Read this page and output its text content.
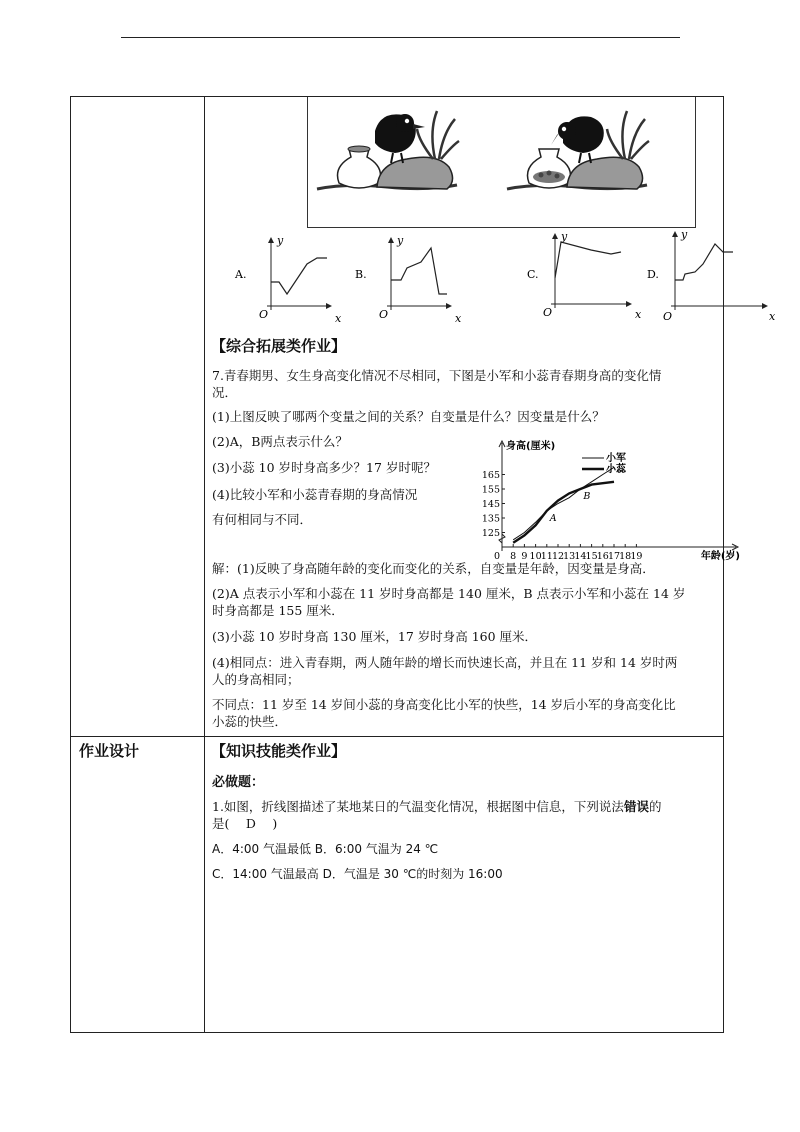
作业设计
A.
y
x
O
B.
y
x
O
C.
y
x
O
D.
y
x
O
【综合拓展类作业】
7.青春期男、女生身高变化情况不尽相同，下图是小军和小蕊青春期身高的变化情
况．
(1)上图反映了哪两个变量之间的关系？自变量是什么？因变量是什么？
(2)A，B两点表示什么？
(3)小蕊 10 岁时身高多少？17 岁时呢？
(4)比较小军和小蕊青春期的身高情况
有何相同与不同．
125
135
145
155
165
8 9 10 11 12 13 14 15 16 17 18 19
0
身高(厘米)
年龄(岁)
小军
小蕊
A
B
解：(1)反映了身高随年龄的变化而变化的关系，自变量是年龄，因变量是身高．
(2)A 点表示小军和小蕊在 11 岁时身高都是 140 厘米，B 点表示小军和小蕊在 14 岁
时身高都是 155 厘米．
(3)小蕊 10 岁时身高 130 厘米，17 岁时身高 160 厘米．
(4)相同点：进入青春期，两人随年龄的增长而快速长高，并且在 11 岁和 14 岁时两
人的身高相同；
不同点：11 岁至 14 岁间小蕊的身高变化比小军的快些，14 岁后小军的身高变化比
小蕊的快些．
【知识技能类作业】
必做题：
1.如图，折线图描述了某地某日的气温变化情况，根据图中信息，下列说法错误的
是(　 D　 )
A．4:00 气温最低 B．6:00 气温为 24 ℃
C．14:00 气温最高 D．气温是 30 ℃的时刻为 16:00
